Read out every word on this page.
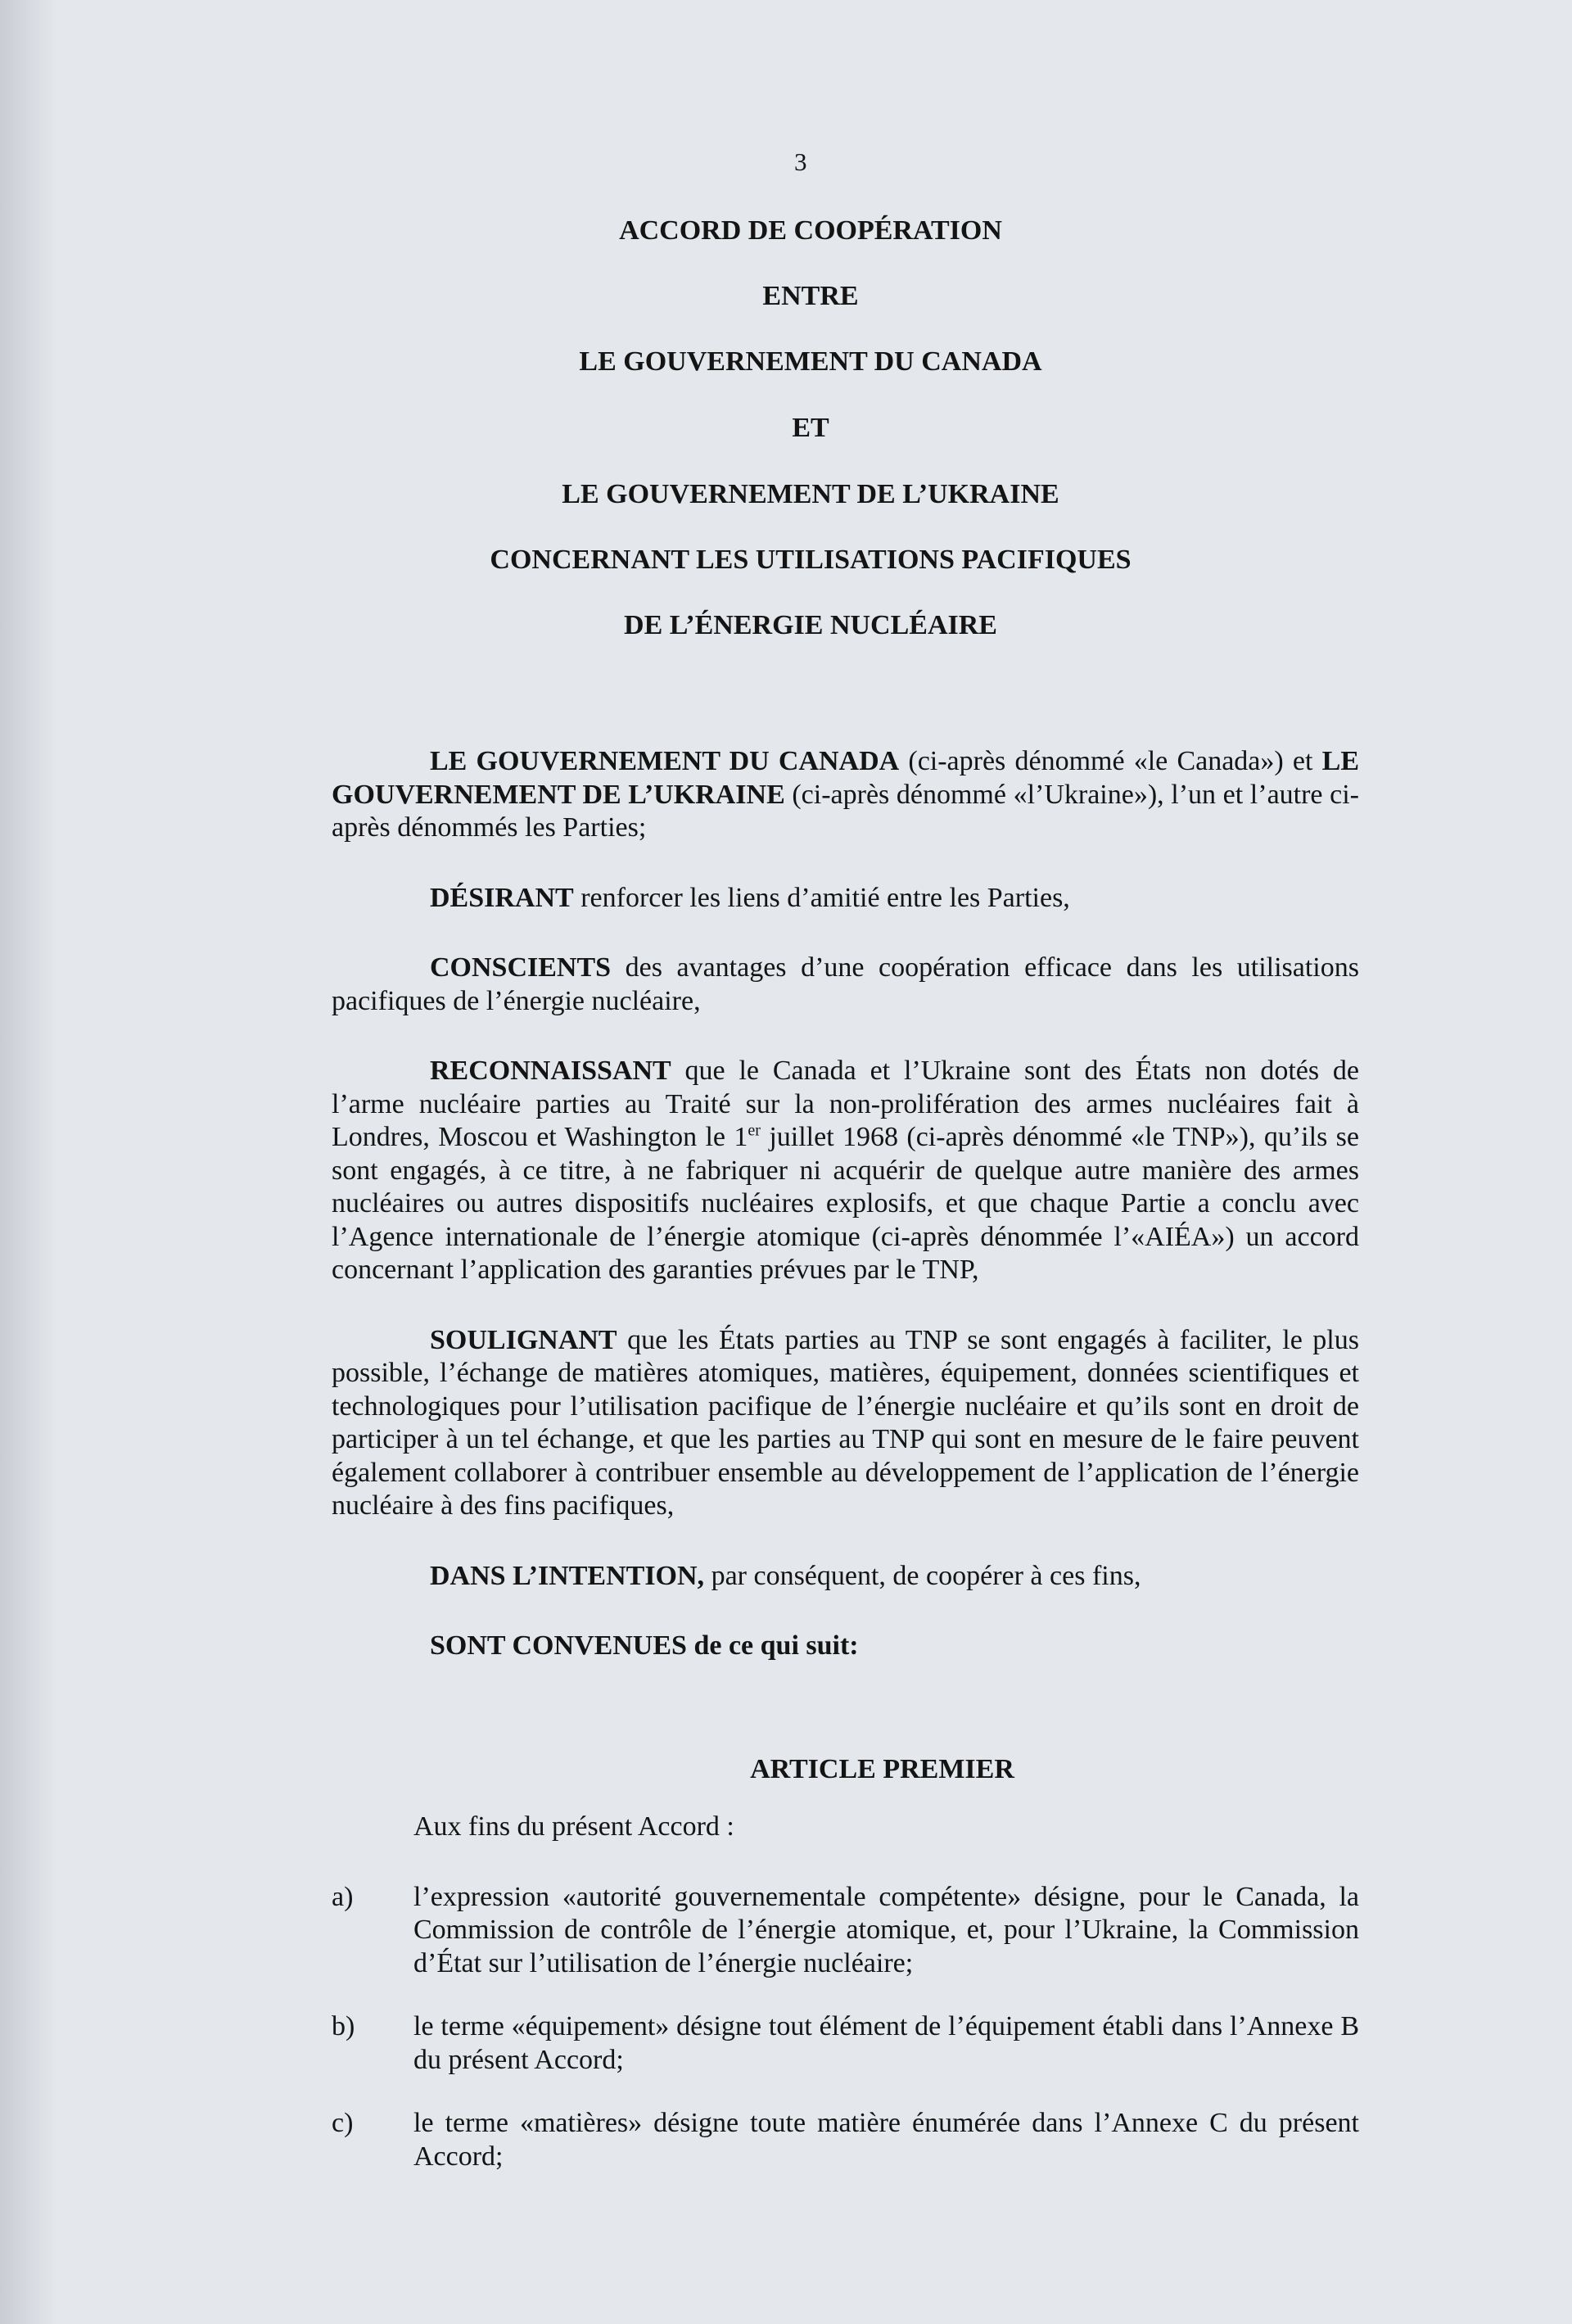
3

ACCORD DE COOPÉRATION

ENTRE

LE GOUVERNEMENT DU CANADA

ET

LE GOUVERNEMENT DE L’UKRAINE

CONCERNANT LES UTILISATIONS PACIFIQUES

DE L’ÉNERGIE NUCLÉAIRE

LE GOUVERNEMENT DU CANADA (ci-après dénommé «le Canada») et LE GOUVERNEMENT DE L’UKRAINE (ci-après dénommé «l’Ukraine»), l’un et l’autre ci-après dénommés les Parties;

DÉSIRANT renforcer les liens d’amitié entre les Parties,

CONSCIENTS des avantages d’une coopération efficace dans les utilisations pacifiques de l’énergie nucléaire,

RECONNAISSANT que le Canada et l’Ukraine sont des États non dotés de l’arme nucléaire parties au Traité sur la non-prolifération des armes nucléaires fait à Londres, Moscou et Washington le 1er juillet 1968 (ci-après dénommé «le TNP»), qu’ils se sont engagés, à ce titre, à ne fabriquer ni acquérir de quelque autre manière des armes nucléaires ou autres dispositifs nucléaires explosifs, et que chaque Partie a conclu avec l’Agence internationale de l’énergie atomique (ci-après dénommée l’«AIÉA») un accord concernant l’application des garanties prévues par le TNP,

SOULIGNANT que les États parties au TNP se sont engagés à faciliter, le plus possible, l’échange de matières atomiques, matières, équipement, données scientifiques et technologiques pour l’utilisation pacifique de l’énergie nucléaire et qu’ils sont en droit de participer à un tel échange, et que les parties au TNP qui sont en mesure de le faire peuvent également collaborer à contribuer ensemble au développement de l’application de l’énergie nucléaire à des fins pacifiques,

DANS L’INTENTION, par conséquent, de coopérer à ces fins,

SONT CONVENUES de ce qui suit:

ARTICLE PREMIER

Aux fins du présent Accord :

a)	l’expression «autorité gouvernementale compétente» désigne, pour le Canada, la Commission de contrôle de l’énergie atomique, et, pour l’Ukraine, la Commission d’État sur l’utilisation de l’énergie nucléaire;
b)	le terme «équipement» désigne tout élément de l’équipement établi dans l’Annexe B du présent Accord;
c)	le terme «matières» désigne toute matière énumérée dans l’Annexe C du présent Accord;
